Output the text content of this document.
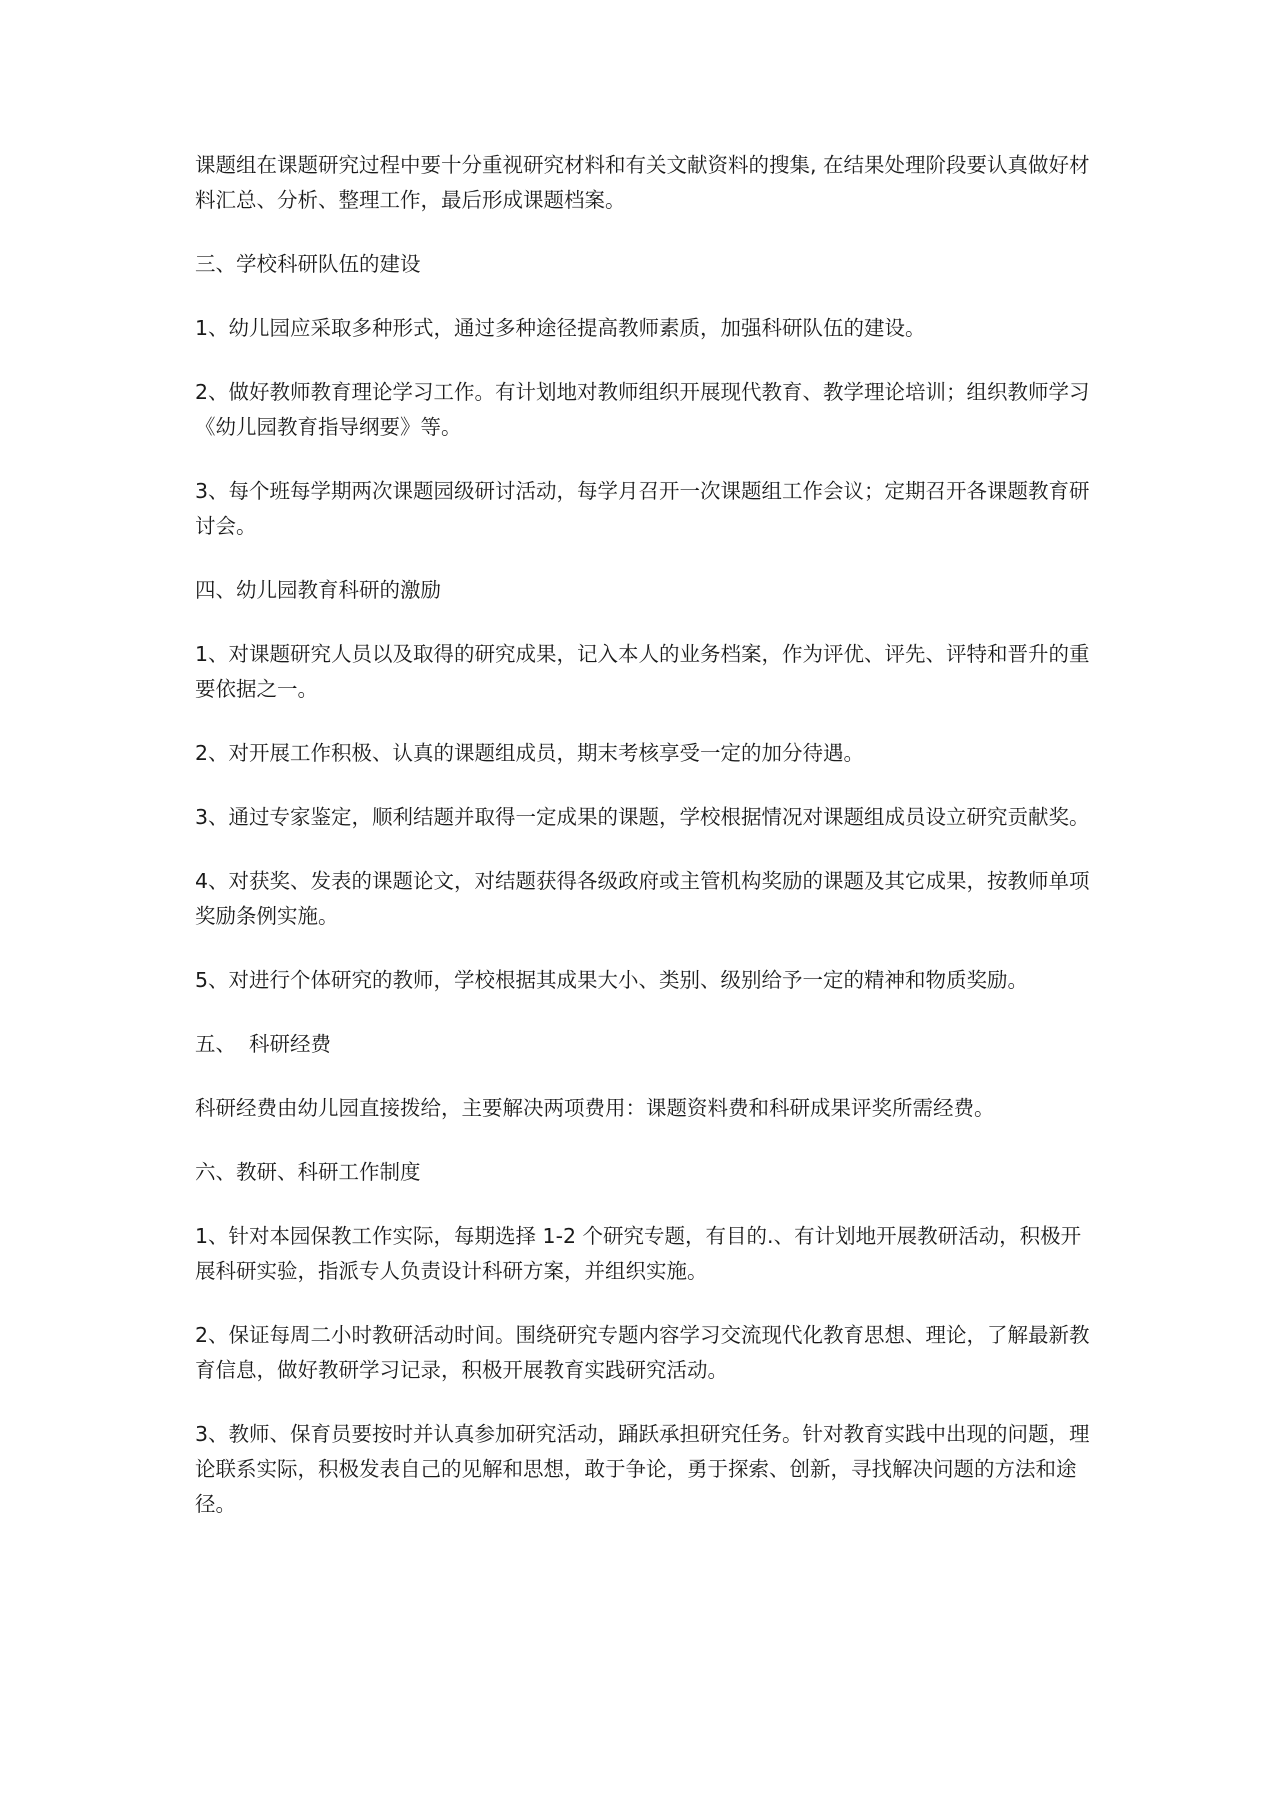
课题组在课题研究过程中要十分重视研究材料和有关文献资料的搜集, 在结果处理阶段要认真做好材料汇总、分析、整理工作，最后形成课题档案。

三、学校科研队伍的建设

1、幼儿园应采取多种形式，通过多种途径提高教师素质，加强科研队伍的建设。

2、做好教师教育理论学习工作。有计划地对教师组织开展现代教育、教学理论培训；组织教师学习《幼儿园教育指导纲要》等。

3、每个班每学期两次课题园级研讨活动，每学月召开一次课题组工作会议；定期召开各课题教育研讨会。

四、幼儿园教育科研的激励

1、对课题研究人员以及取得的研究成果，记入本人的业务档案，作为评优、评先、评特和晋升的重要依据之一。

2、对开展工作积极、认真的课题组成员，期末考核享受一定的加分待遇。

3、通过专家鉴定，顺利结题并取得一定成果的课题，学校根据情况对课题组成员设立研究贡献奖。

4、对获奖、发表的课题论文，对结题获得各级政府或主管机构奖励的课题及其它成果，按教师单项奖励条例实施。

5、对进行个体研究的教师，学校根据其成果大小、类别、级别给予一定的精神和物质奖励。

五、  科研经费

科研经费由幼儿园直接拨给，主要解决两项费用：课题资料费和科研成果评奖所需经费。

六、教研、科研工作制度

1、针对本园保教工作实际，每期选择 1-2 个研究专题，有目的.、有计划地开展教研活动，积极开展科研实验，指派专人负责设计科研方案，并组织实施。

2、保证每周二小时教研活动时间。围绕研究专题内容学习交流现代化教育思想、理论，了解最新教育信息，做好教研学习记录，积极开展教育实践研究活动。

3、教师、保育员要按时并认真参加研究活动，踊跃承担研究任务。针对教育实践中出现的问题，理论联系实际，积极发表自己的见解和思想，敢于争论，勇于探索、创新，寻找解决问题的方法和途径。
